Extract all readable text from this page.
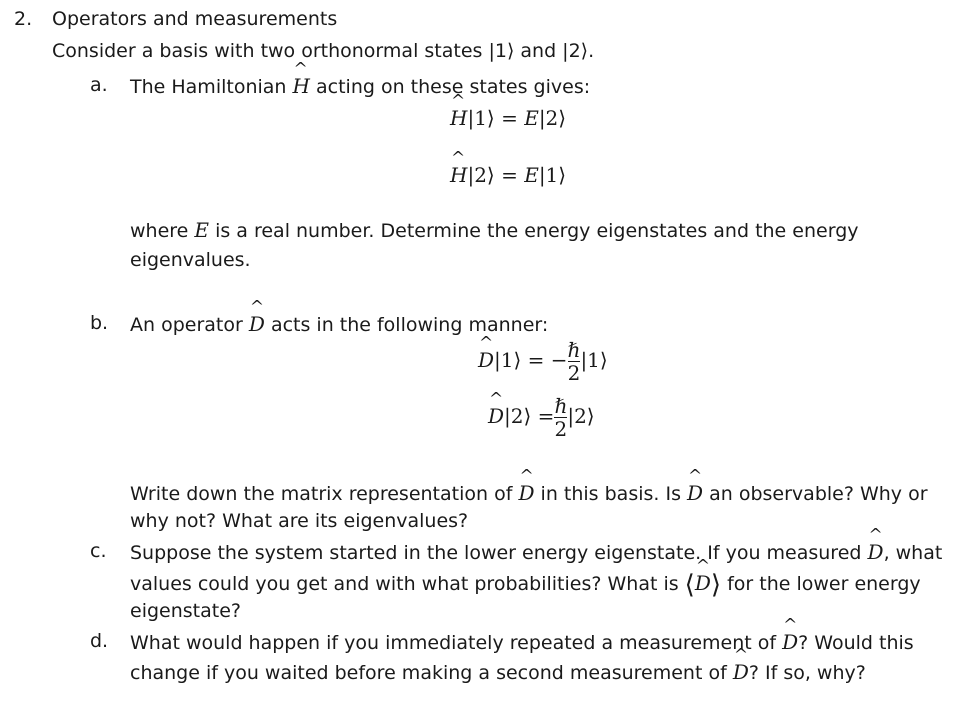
2. Operators and measurements
Consider a basis with two orthonormal states |1⟩ and |2⟩.
a. The Hamiltonian ^ H acting on these states gives:
^ H|1⟩ = E|2⟩
^ H|2⟩ = E|1⟩
where E is a real number. Determine the energy eigenstates and the energy
eigenvalues.
b. An operator ^ D acts in the following manner:
^ D|1⟩ = − $\frac{\text{ℏ}}{2}$ |1⟩
^ D|2⟩ = $\frac{\text{ℏ}}{2}$ |2⟩
Write down the matrix representation of ^ D in this basis. Is ^ D an observable? Why or
why not? What are its eigenvalues?
c. Suppose the system started in the lower energy eigenstate. If you measured ^ D, what
values could you get and with what probabilities? What is ⟨^ D⟩ for the lower energy
eigenstate?
d. What would happen if you immediately repeated a measurement of ^ D? Would this
change if you waited before making a second measurement of ^ D? If so, why?
